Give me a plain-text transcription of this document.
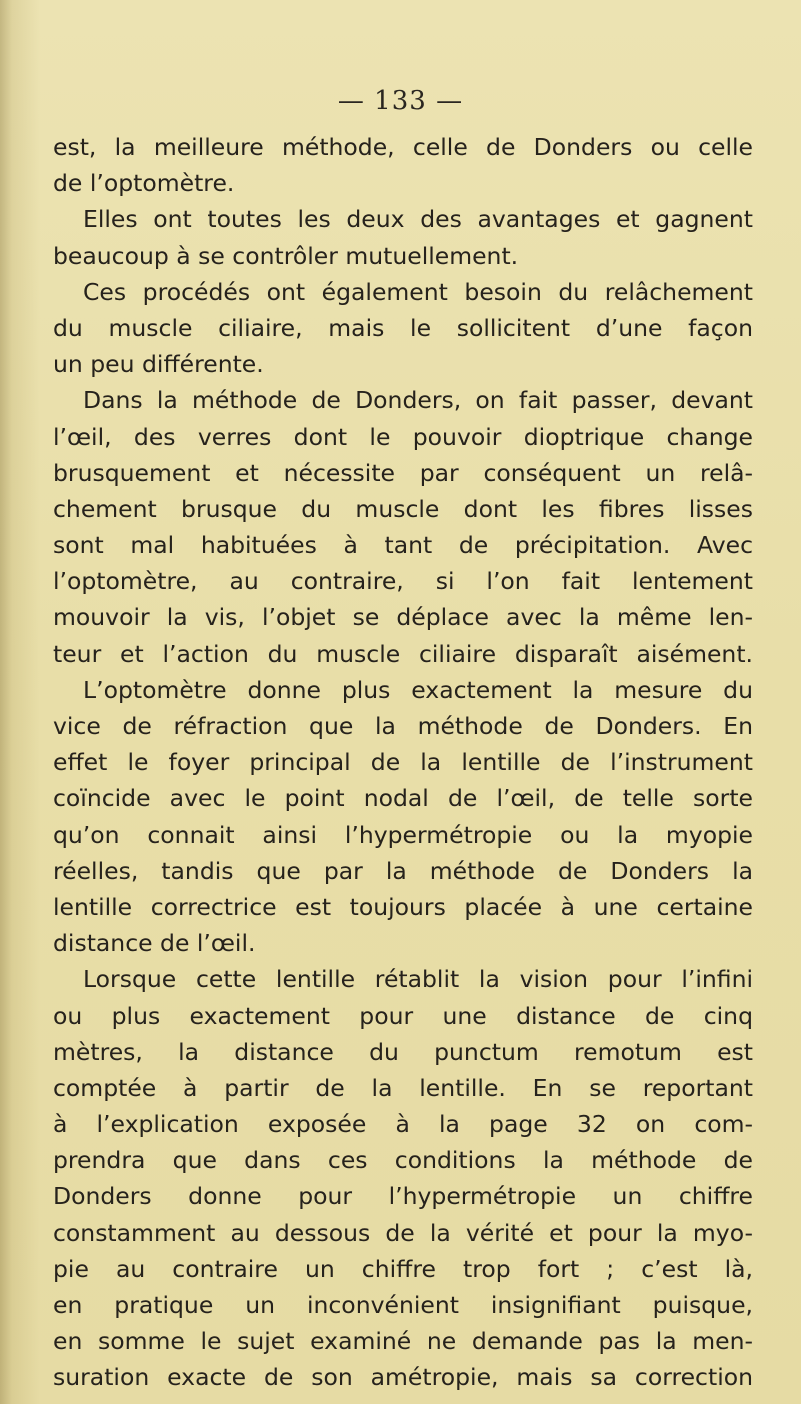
— 133 —
est, la meilleure méthode, celle de Donders ou celle
de l’optomètre.
Elles ont toutes les deux des avantages et gagnent
beaucoup à se contrôler mutuellement.
Ces procédés ont également besoin du relâchement
du muscle ciliaire, mais le sollicitent d’une façon
un peu différente.
Dans la méthode de Donders, on fait passer, devant
l’œil, des verres dont le pouvoir dioptrique change
brusquement et nécessite par conséquent un relâ-
chement brusque du muscle dont les fibres lisses
sont mal habituées à tant de précipitation. Avec
l’optomètre, au contraire, si l’on fait lentement
mouvoir la vis, l’objet se déplace avec la même len-
teur et l’action du muscle ciliaire disparaît aisément.
L’optomètre donne plus exactement la mesure du
vice de réfraction que la méthode de Donders. En
effet le foyer principal de la lentille de l’instrument
coïncide avec le point nodal de l’œil, de telle sorte
qu’on connait ainsi l’hypermétropie ou la myopie
réelles, tandis que par la méthode de Donders la
lentille correctrice est toujours placée à une certaine
distance de l’œil.
Lorsque cette lentille rétablit la vision pour l’infini
ou plus exactement pour une distance de cinq
mètres, la distance du punctum remotum est
comptée à partir de la lentille. En se reportant
à l’explication exposée à la page 32 on com-
prendra que dans ces conditions la méthode de
Donders donne pour l’hypermétropie un chiffre
constamment au dessous de la vérité et pour la myo-
pie au contraire un chiffre trop fort ; c’est là,
en pratique un inconvénient insignifiant puisque,
en somme le sujet examiné ne demande pas la men-
suration exacte de son amétropie, mais sa correction
